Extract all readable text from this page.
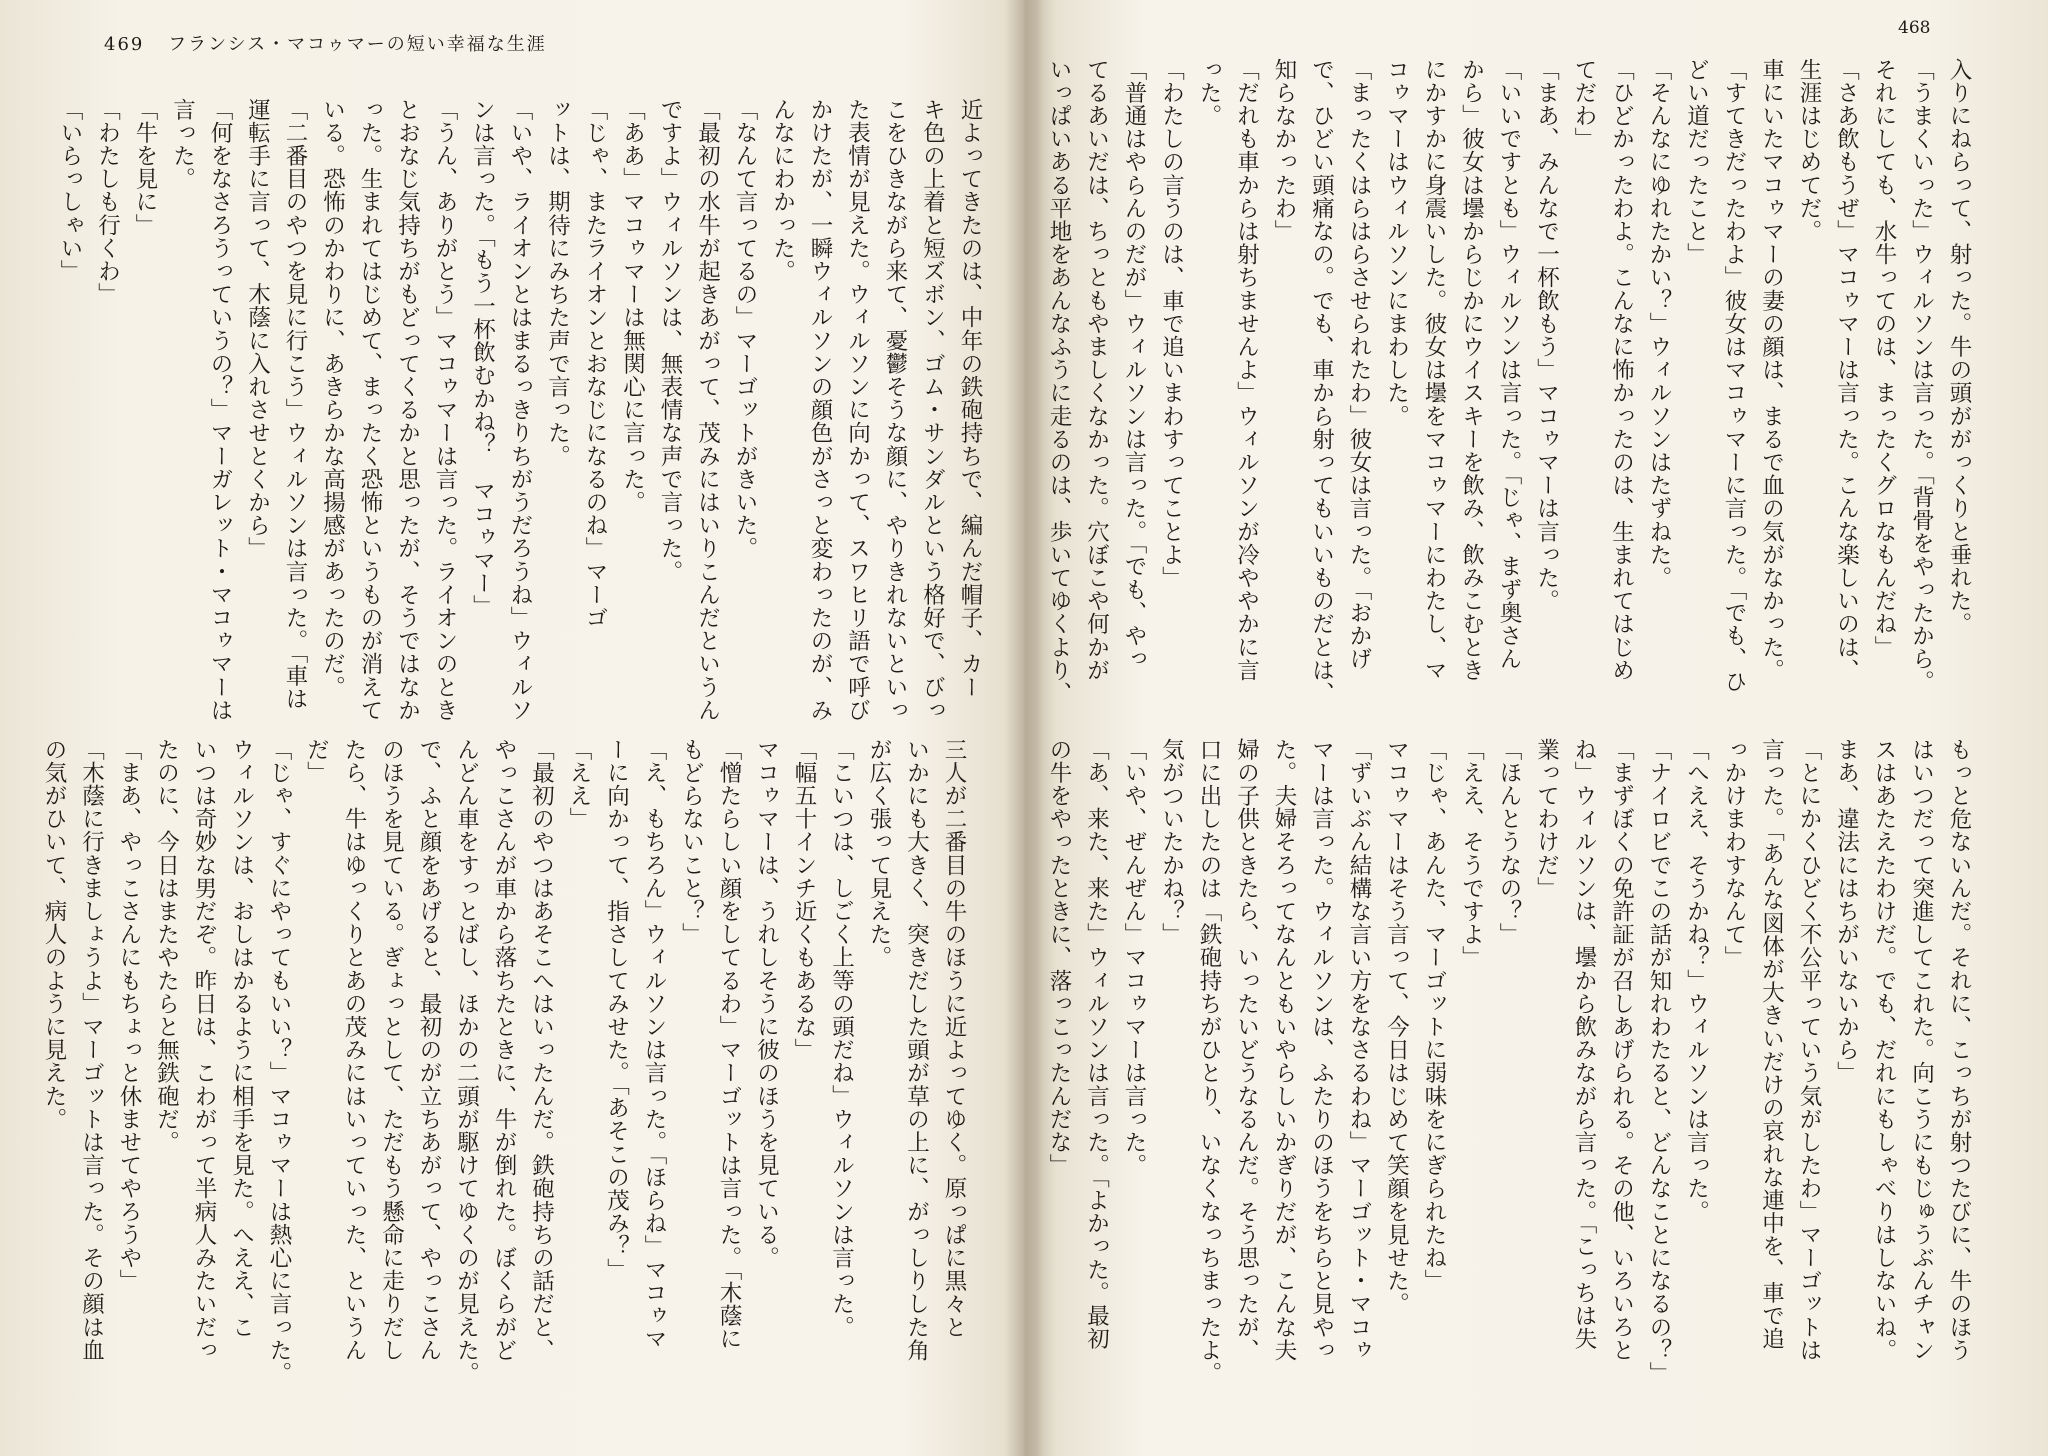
469 フランシス・マコゥマーの短い幸福な生涯
468
入りにねらって、射った。牛の頭ががっくりと垂れた。
「うまくいった」ウィルソンは言った。「背骨をやったから。
それにしても、水牛ってのは、まったくグロなもんだね」
「さあ飲もうぜ」マコゥマーは言った。こんな楽しいのは、
生涯はじめてだ。
車にいたマコゥマーの妻の顔は、まるで血の気がなかった。
「すてきだったわよ」彼女はマコゥマーに言った。「でも、ひ
どい道だったこと」
「そんなにゆれたかい？」ウィルソンはたずねた。
「ひどかったわよ。こんなに怖かったのは、生まれてはじめ
てだわ」
「まあ、みんなで一杯飲もう」マコゥマーは言った。
「いいですとも」ウィルソンは言った。「じゃ、まず奥さん
から」彼女は壜からじかにウイスキーを飲み、飲みこむとき
にかすかに身震いした。彼女は壜をマコゥマーにわたし、マ
コゥマーはウィルソンにまわした。
「まったくはらはらさせられたわ」彼女は言った。「おかげ
で、ひどい頭痛なの。でも、車から射ってもいいものだとは、
知らなかったわ」
「だれも車からは射ちませんよ」ウィルソンが冷ややかに言
った。
「わたしの言うのは、車で追いまわすってことよ」
「普通はやらんのだが」ウィルソンは言った。「でも、やっ
てるあいだは、ちっともやましくなかった。穴ぼこや何かが
いっぱいある平地をあんなふうに走るのは、歩いてゆくより、
もっと危ないんだ。それに、こっちが射つたびに、牛のほう
はいつだって突進してこれた。向こうにもじゅうぶんチャン
スはあたえたわけだ。でも、だれにもしゃべりはしないね。
まあ、違法にはちがいないから」
「とにかくひどく不公平っていう気がしたわ」マーゴットは
言った。「あんな図体が大きいだけの哀れな連中を、車で追
っかけまわすなんて」
「へええ、そうかね？」ウィルソンは言った。
「ナイロビでこの話が知れわたると、どんなことになるの？」
「まずぼくの免許証が召しあげられる。その他、いろいろと
ね」ウィルソンは、壜から飲みながら言った。「こっちは失
業ってわけだ」
「ほんとうなの？」
「ええ、そうですよ」
「じゃ、あんた、マーゴットに弱味をにぎられたね」
マコゥマーはそう言って、今日はじめて笑顔を見せた。
「ずいぶん結構な言い方をなさるわね」マーゴット・マコゥ
マーは言った。ウィルソンは、ふたりのほうをちらと見やっ
た。夫婦そろってなんともいやらしいかぎりだが、こんな夫
婦の子供ときたら、いったいどうなるんだ。そう思ったが、
口に出したのは「鉄砲持ちがひとり、いなくなっちまったよ。
気がついたかね？」
「いや、ぜんぜん」マコゥマーは言った。
「あ、来た、来た」ウィルソンは言った。「よかった。最初
の牛をやったときに、落っこったんだな」
近よってきたのは、中年の鉄砲持ちで、編んだ帽子、カー
キ色の上着と短ズボン、ゴム・サンダルという格好で、びっ
こをひきながら来て、憂鬱そうな顔に、やりきれないといっ
た表情が見えた。ウィルソンに向かって、スワヒリ語で呼び
かけたが、一瞬ウィルソンの顔色がさっと変わったのが、み
んなにわかった。
「なんて言ってるの」マーゴットがきいた。
「最初の水牛が起きあがって、茂みにはいりこんだというん
ですよ」ウィルソンは、無表情な声で言った。
「ああ」マコゥマーは無関心に言った。
「じゃ、またライオンとおなじになるのね」マーゴ
ットは、期待にみちた声で言った。
「いや、ライオンとはまるっきりちがうだろうね」ウィルソ
ンは言った。「もう一杯飲むかね？　マコゥマー」
「うん、ありがとう」マコゥマーは言った。ライオンのとき
とおなじ気持ちがもどってくるかと思ったが、そうではなか
った。生まれてはじめて、まったく恐怖というものが消えて
いる。恐怖のかわりに、あきらかな高揚感があったのだ。
「二番目のやつを見に行こう」ウィルソンは言った。「車は
運転手に言って、木蔭に入れさせとくから」
「何をなさろうっていうの？」マーガレット・マコゥマーは
言った。
「牛を見に」
「わたしも行くわ」
「いらっしゃい」
三人が二番目の牛のほうに近よってゆく。原っぱに黒々と
いかにも大きく、突きだした頭が草の上に、がっしりした角
が広く張って見えた。
「こいつは、しごく上等の頭だね」ウィルソンは言った。
「幅五十インチ近くもあるな」
マコゥマーは、うれしそうに彼のほうを見ている。
「憎たらしい顔をしてるわ」マーゴットは言った。「木蔭に
もどらないこと？」
「え、もちろん」ウィルソンは言った。「ほらね」マコゥマ
ーに向かって、指さしてみせた。「あそこの茂み？」
「ええ」
「最初のやつはあそこへはいったんだ。鉄砲持ちの話だと、
やっこさんが車から落ちたときに、牛が倒れた。ぼくらがど
んどん車をすっとばし、ほかの二頭が駆けてゆくのが見えた。
で、ふと顔をあげると、最初のが立ちあがって、やっこさん
のほうを見ている。ぎょっとして、ただもう懸命に走りだし
たら、牛はゆっくりとあの茂みにはいっていった、というん
だ」
「じゃ、すぐにやってもいい？」マコゥマーは熱心に言った。
ウィルソンは、おしはかるように相手を見た。へええ、こ
いつは奇妙な男だぞ。昨日は、こわがって半病人みたいだっ
たのに、今日はまたやたらと無鉄砲だ。
「まあ、やっこさんにもちょっと休ませてやろうや」
「木蔭に行きましょうよ」マーゴットは言った。その顔は血
の気がひいて、病人のように見えた。
